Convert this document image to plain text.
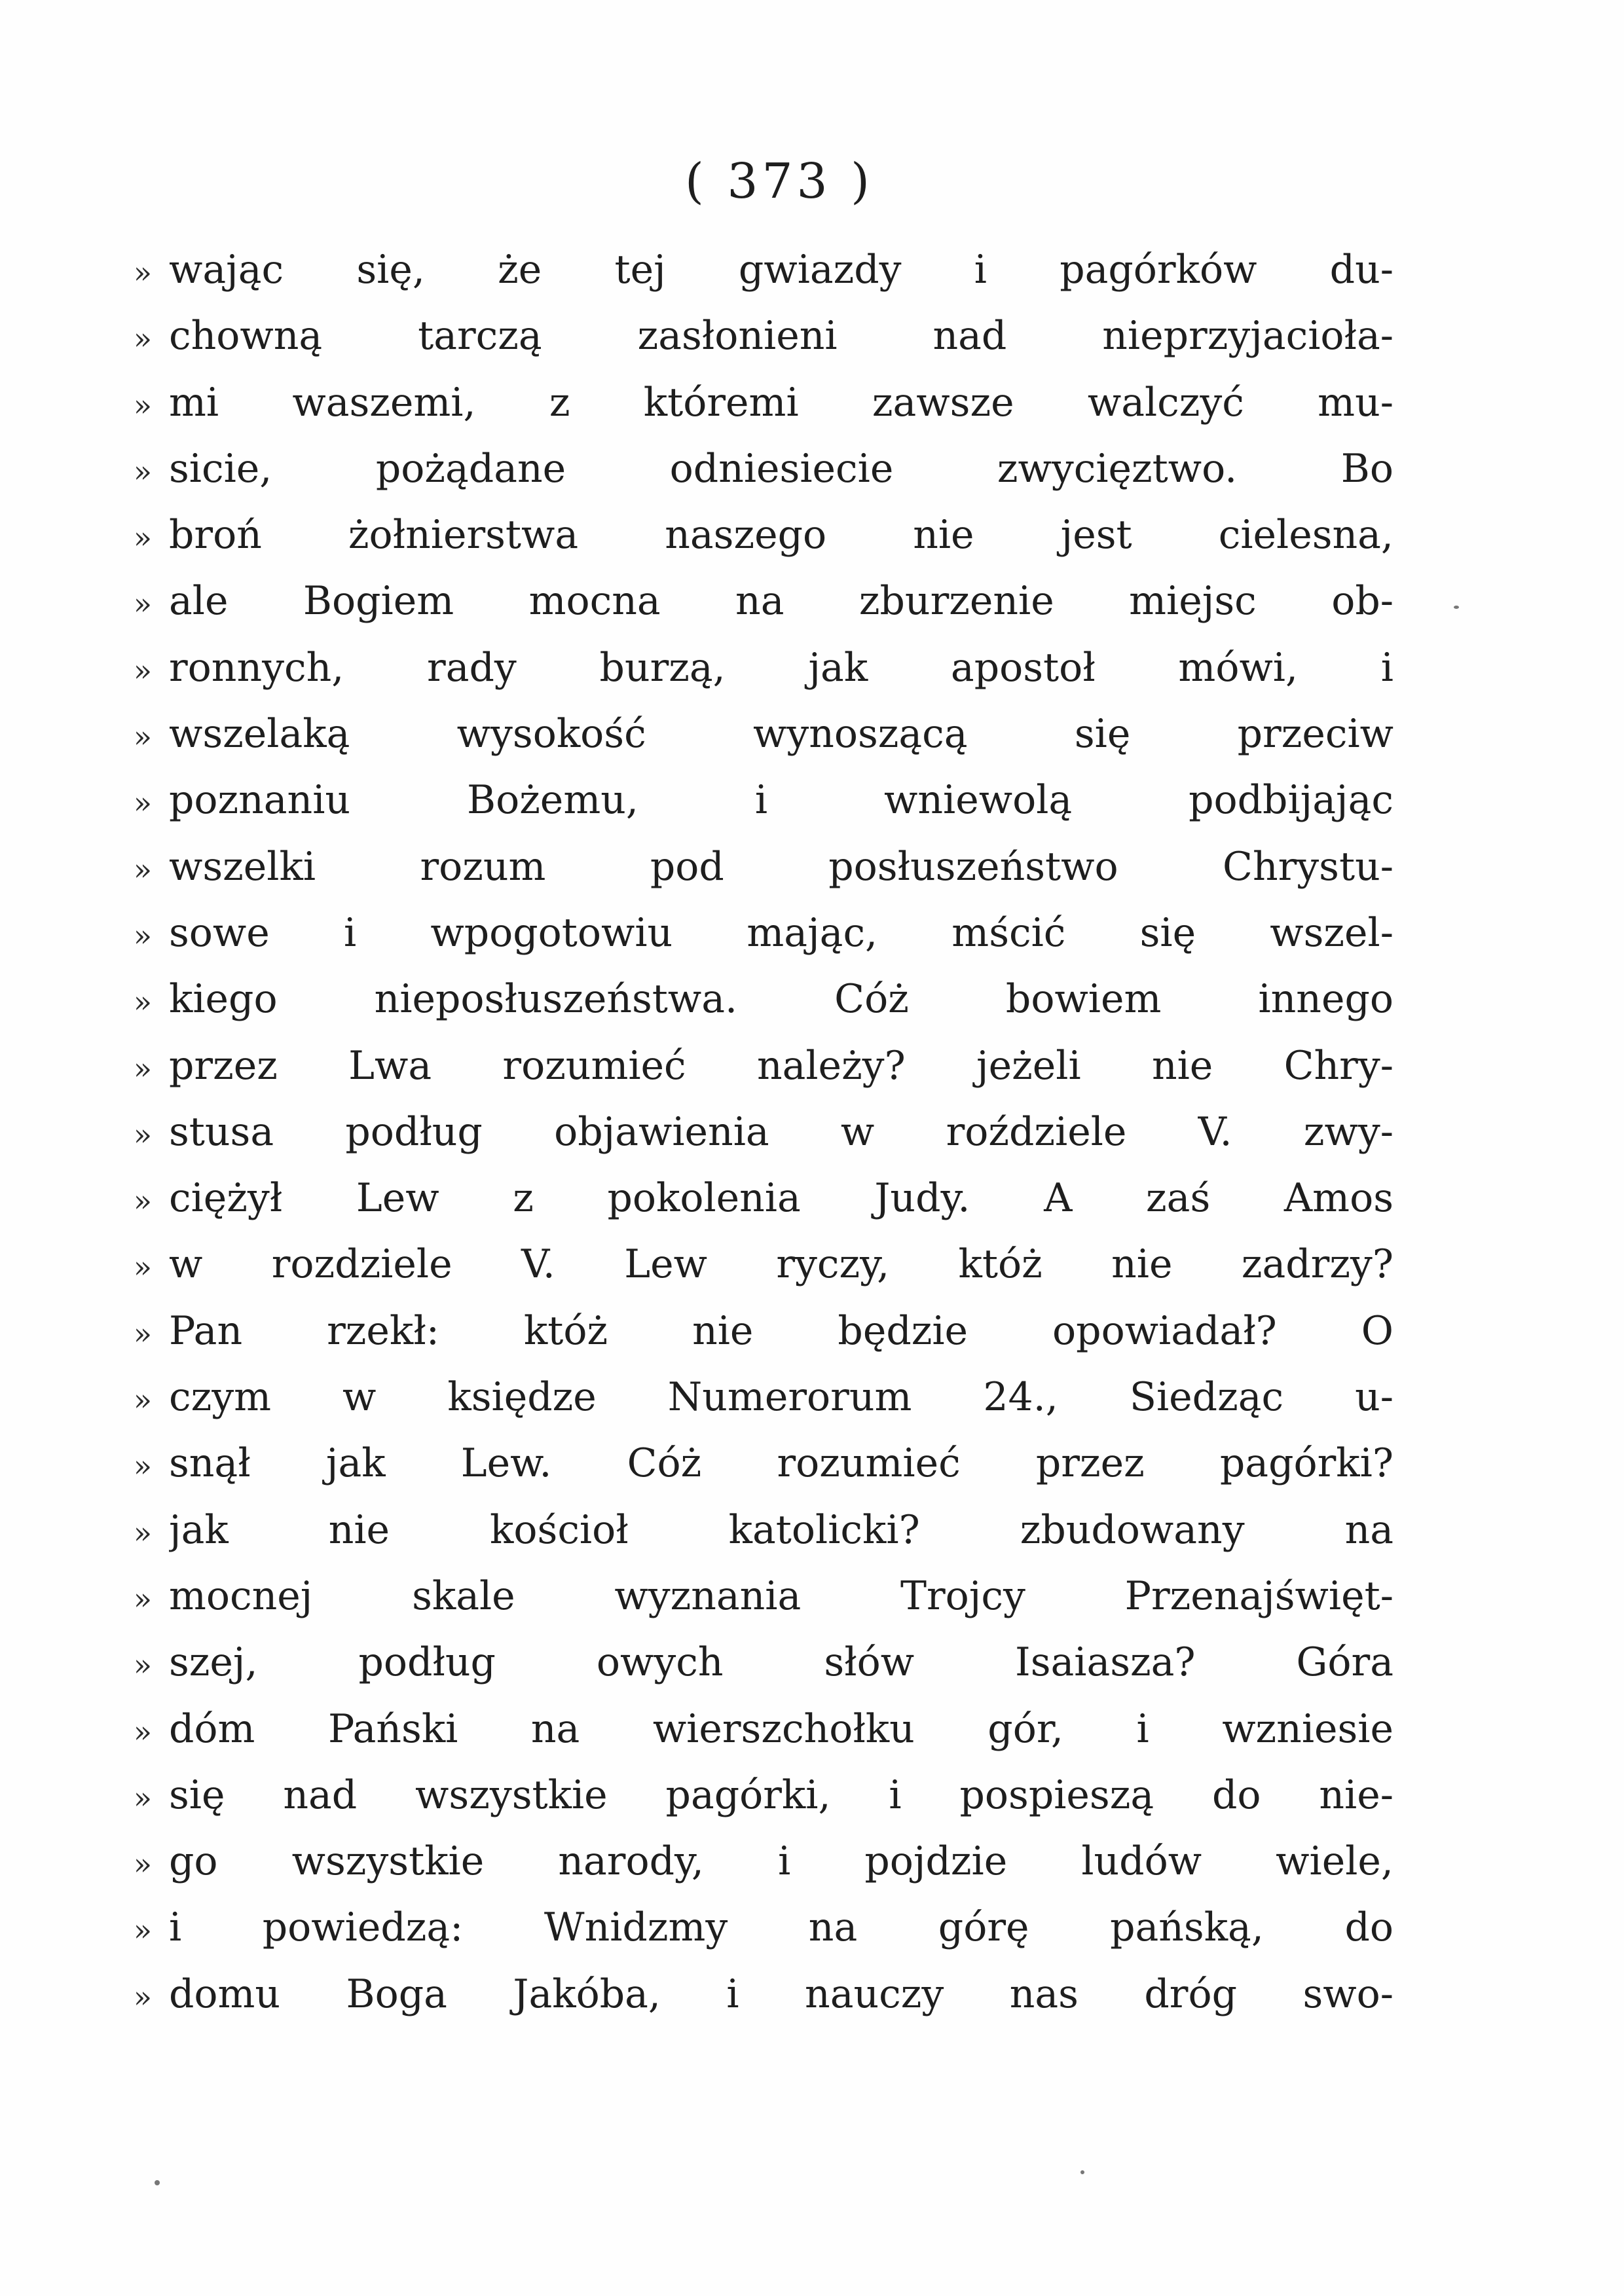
( 373 )
» wając się, że tej gwiazdy i pagórków du-
» chowną tarczą zasłonieni nad nieprzyjacioła-
» mi waszemi, z któremi zawsze walczyć mu-
» sicie, pożądane odniesiecie zwycięztwo. Bo
» broń żołnierstwa naszego nie jest cielesna,
» ale Bogiem mocna na zburzenie miejsc ob-
» ronnych, rady burzą, jak apostoł mówi, i
» wszelaką wysokość wynoszącą się przeciw
» poznaniu Bożemu, i wniewolą podbijając
» wszelki rozum pod posłuszeństwo Chrystu-
» sowe i wpogotowiu mając, mścić się wszel-
» kiego nieposłuszeństwa. Cóż bowiem innego
» przez Lwa rozumieć należy? jeżeli nie Chry-
» stusa podług objawienia w roździele V. zwy-
» ciężył Lew z pokolenia Judy. A zaś Amos
» w rozdziele V. Lew ryczy, któż nie zadrzy?
» Pan rzekł: któż nie będzie opowiadał? O
» czym w księdze Numerorum 24., Siedząc u-
» snął jak Lew. Cóż rozumieć przez pagórki?
» jak nie kościoł katolicki? zbudowany na
» mocnej skale wyznania Trojcy Przenajświęt-
» szej, podług owych słów Isaiasza? Góra
» dóm Pański na wierszchołku gór, i wzniesie
» się nad wszystkie pagórki, i pospieszą do nie-
» go wszystkie narody, i pojdzie ludów wiele,
» i powiedzą: Wnidzmy na górę pańską, do
» domu Boga Jakóba, i nauczy nas dróg swo-
